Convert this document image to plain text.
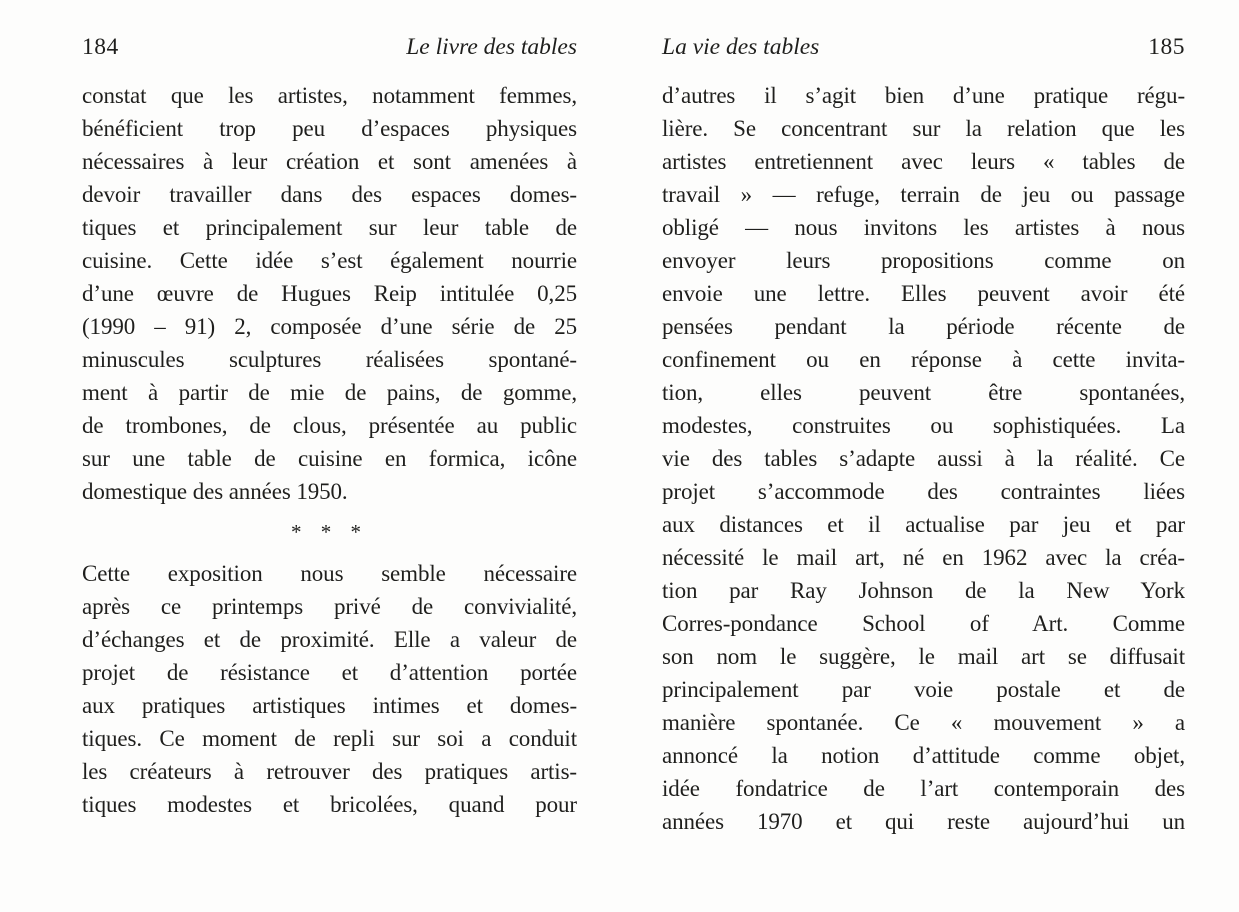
184	Le livre des tables
constat que les artistes, notamment femmes,
bénéficient trop peu d’espaces physiques
nécessaires à leur création et sont amenées à
devoir travailler dans des espaces domes-
tiques et principalement sur leur table de
cuisine. Cette idée s’est également nourrie
d’une œuvre de Hugues Reip intitulée 0,25
(1990 – 91) 2, composée d’une série de 25
minuscules sculptures réalisées spontané-
ment à partir de mie de pains, de gomme,
de trombones, de clous, présentée au public
sur une table de cuisine en formica, icône
domestique des années 1950.
* * *
Cette exposition nous semble nécessaire
après ce printemps privé de convivialité,
d’échanges et de proximité. Elle a valeur de
projet de résistance et d’attention portée
aux pratiques artistiques intimes et domes-
tiques. Ce moment de repli sur soi a conduit
les créateurs à retrouver des pratiques artis-
tiques modestes et bricolées, quand pour
La vie des tables	185
d’autres il s’agit bien d’une pratique régu-
lière. Se concentrant sur la relation que les
artistes entretiennent avec leurs « tables de
travail » — refuge, terrain de jeu ou passage
obligé — nous invitons les artistes à nous
envoyer leurs propositions comme on
envoie une lettre. Elles peuvent avoir été
pensées pendant la période récente de
confinement ou en réponse à cette invita-
tion, elles peuvent être spontanées,
modestes, construites ou sophistiquées. La
vie des tables s’adapte aussi à la réalité. Ce
projet s’accommode des contraintes liées
aux distances et il actualise par jeu et par
nécessité le mail art, né en 1962 avec la créa-
tion par Ray Johnson de la New York
Corres-pondance School of Art. Comme
son nom le suggère, le mail art se diffusait
principalement par voie postale et de
manière spontanée. Ce « mouvement » a
annoncé la notion d’attitude comme objet,
idée fondatrice de l’art contemporain des
années 1970 et qui reste aujourd’hui un
